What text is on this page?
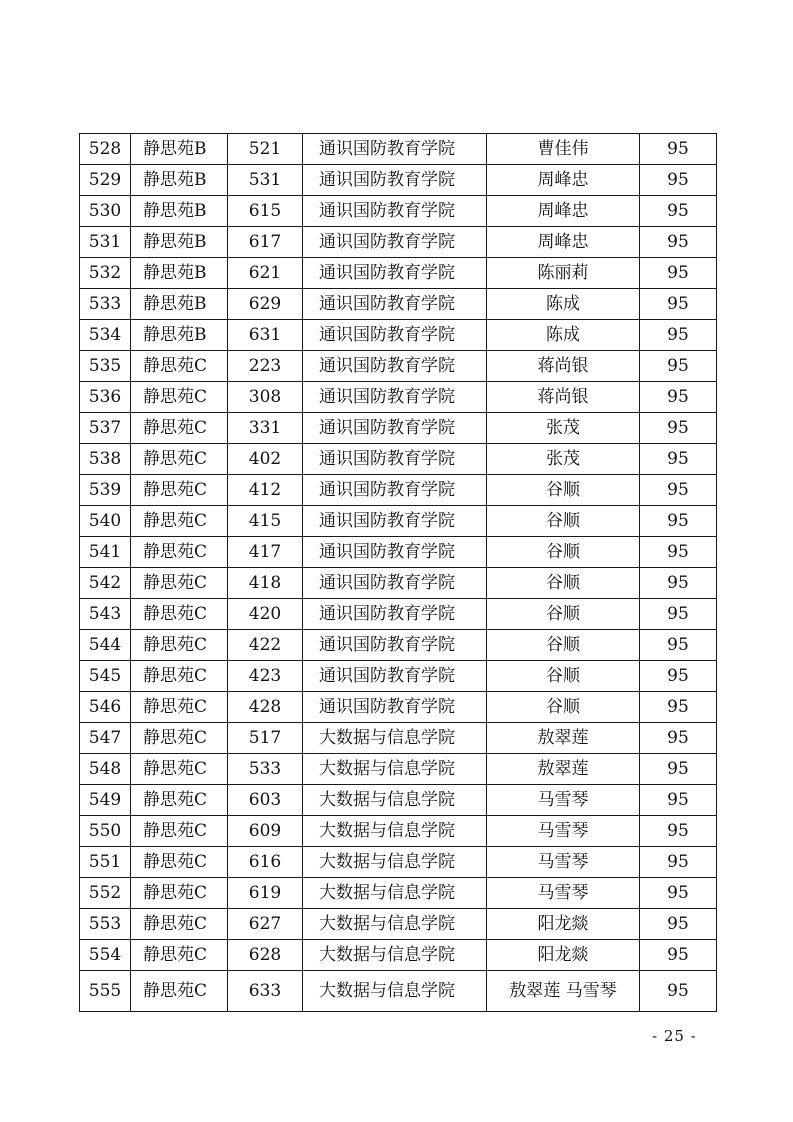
528	静思苑B	521	通识国防教育学院	曹佳伟	95
529	静思苑B	531	通识国防教育学院	周峰忠	95
530	静思苑B	615	通识国防教育学院	周峰忠	95
531	静思苑B	617	通识国防教育学院	周峰忠	95
532	静思苑B	621	通识国防教育学院	陈丽莉	95
533	静思苑B	629	通识国防教育学院	陈成	95
534	静思苑B	631	通识国防教育学院	陈成	95
535	静思苑C	223	通识国防教育学院	蒋尚银	95
536	静思苑C	308	通识国防教育学院	蒋尚银	95
537	静思苑C	331	通识国防教育学院	张茂	95
538	静思苑C	402	通识国防教育学院	张茂	95
539	静思苑C	412	通识国防教育学院	谷顺	95
540	静思苑C	415	通识国防教育学院	谷顺	95
541	静思苑C	417	通识国防教育学院	谷顺	95
542	静思苑C	418	通识国防教育学院	谷顺	95
543	静思苑C	420	通识国防教育学院	谷顺	95
544	静思苑C	422	通识国防教育学院	谷顺	95
545	静思苑C	423	通识国防教育学院	谷顺	95
546	静思苑C	428	通识国防教育学院	谷顺	95
547	静思苑C	517	大数据与信息学院	敖翠莲	95
548	静思苑C	533	大数据与信息学院	敖翠莲	95
549	静思苑C	603	大数据与信息学院	马雪琴	95
550	静思苑C	609	大数据与信息学院	马雪琴	95
551	静思苑C	616	大数据与信息学院	马雪琴	95
552	静思苑C	619	大数据与信息学院	马雪琴	95
553	静思苑C	627	大数据与信息学院	阳龙燚	95
554	静思苑C	628	大数据与信息学院	阳龙燚	95
555	静思苑C	633	大数据与信息学院	敖翠莲 马雪琴	95
- 25 -
